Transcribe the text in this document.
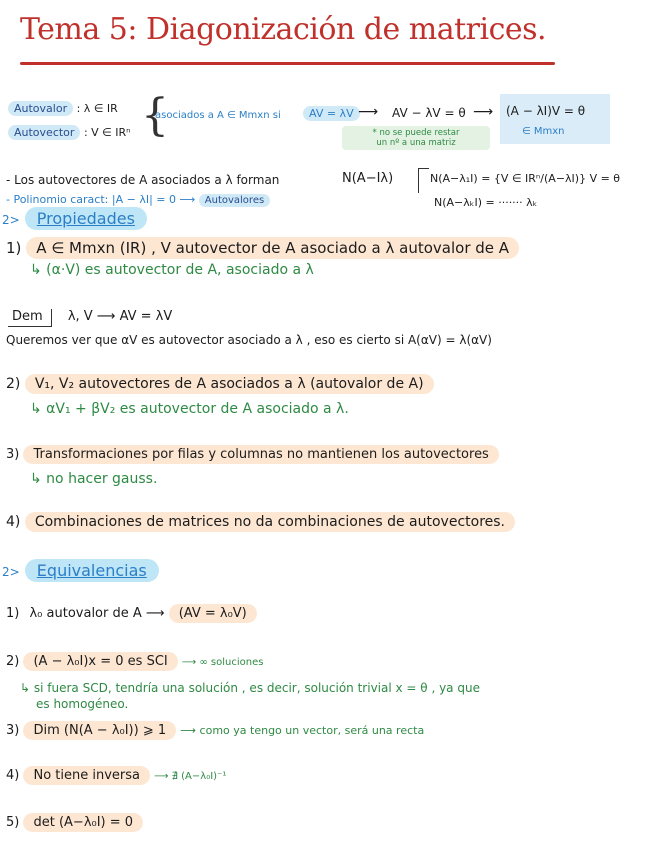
Tema 5: Diagonización de matrices.
Autovalor : λ ∈ IR
Autovector : V ∈ IRⁿ {
asociados a A ∈ Mmxn si	AV = λV ⟶ AV − λV = θ ⟶ (A − λI)V = θ
∈ Mmxn
* no se puede restar
un nº a una matriz
- Los autovectores de A asociados a λ forman	N(A−Iλ)	N(A−λ₁I) = {V ∈ IRⁿ/(A−λI)} V = θ
N(A−λₖI) = ······· λₖ
- Polinomio caract: |A − λI| = 0 ⟶ Autovalores
2> Propiedades
1) A ∈ Mmxn (IR) , V autovector de A asociado a λ autovalor de A
↳ (α·V) es autovector de A, asociado a λ
Dem λ, V ⟶ AV = λV
Queremos ver que αV es autovector asociado a λ , eso es cierto si A(αV) = λ(αV)
2) V₁, V₂ autovectores de A asociados a λ (autovalor de A)
↳ αV₁ + βV₂ es autovector de A asociado a λ.
3) Transformaciones por filas y columnas no mantienen los autovectores
↳ no hacer gauss.
4) Combinaciones de matrices no da combinaciones de autovectores.
2> Equivalencias
1) λ₀ autovalor de A ⟶ (AV = λ₀V)
2) (A − λ₀I)x = 0 es SCI ⟶ ∞ soluciones
↳ si fuera SCD, tendría una solución , es decir, solución trivial x = θ , ya que
es homogéneo.
3) Dim (N(A − λ₀I)) ⩾ 1 ⟶ como ya tengo un vector, será una recta
4) No tiene inversa ⟶ ∄ (A−λ₀I)⁻¹
5) det (A−λ₀I) = 0
